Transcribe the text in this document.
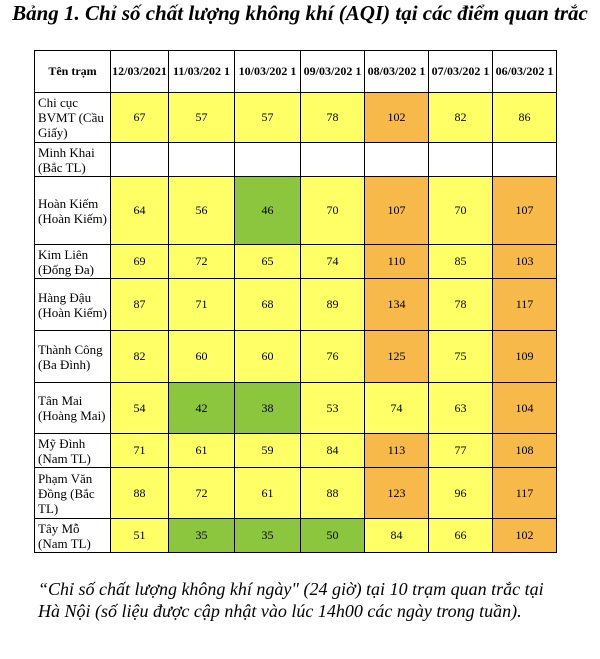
Bảng 1. Chỉ số chất lượng không khí (AQI) tại các điểm quan trắc
Tên trạm	12/03/2021	11/03/202 1	10/03/202 1	09/03/202 1	08/03/202 1	07/03/202 1	06/03/202 1
Chi cục BVMT (Cầu Giấy)	67	57	57	78	102	82	86
Minh Khai (Bắc TL)							
Hoàn Kiếm (Hoàn Kiếm)	64	56	46	70	107	70	107
Kim Liên (Đống Đa)	69	72	65	74	110	85	103
Hàng Đậu (Hoàn Kiếm)	87	71	68	89	134	78	117
Thành Công (Ba Đình)	82	60	60	76	125	75	109
Tân Mai (Hoàng Mai)	54	42	38	53	74	63	104
Mỹ Đình (Nam TL)	71	61	59	84	113	77	108
Phạm Văn Đồng (Bắc TL)	88	72	61	88	123	96	117
Tây Mỗ (Nam TL)	51	35	35	50	84	66	102

“Chỉ số chất lượng không khí ngày" (24 giờ) tại 10 trạm quan trắc tại Hà Nội (số liệu được cập nhật vào lúc 14h00 các ngày trong tuần).
